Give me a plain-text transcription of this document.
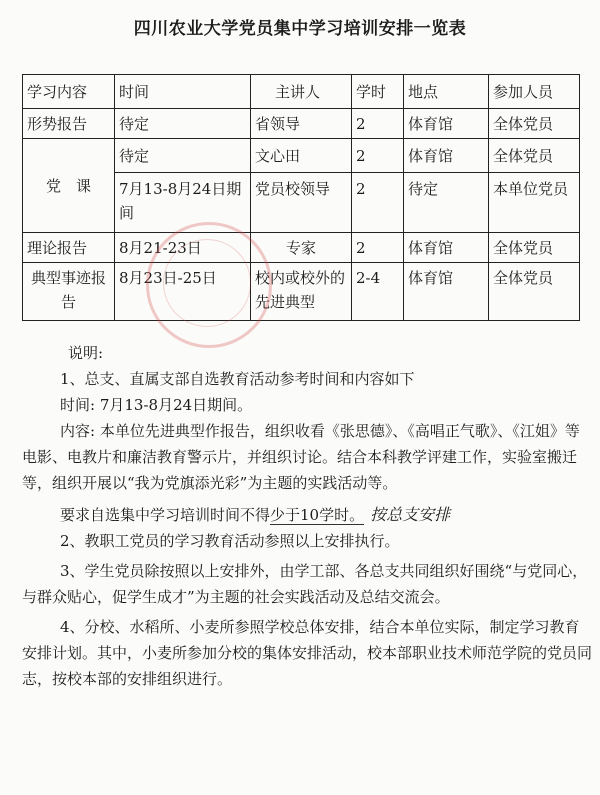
四川农业大学党员集中学习培训安排一览表
学习内容	时间	主讲人	学时	地点	参加人员
形势报告	待定	省领导	2	体育馆	全体党员
党　课	待定	文心田	2	体育馆	全体党员
	7月13-8月24日期间	党员校领导	2	待定	本单位党员
理论报告	8月21-23日	专家	2	体育馆	全体党员
典型事迹报告	8月23日-25日	校内或校外的先进典型	2-4	体育馆	全体党员

说明:

1、总支、直属支部自选教育活动参考时间和内容如下

时间: 7月13-8月24日期间。

内容: 本单位先进典型作报告，组织收看《张思德》、《高唱正气歌》、《江姐》等电影、电教片和廉洁教育警示片，并组织讨论。结合本科教学评建工作，实验室搬迁等，组织开展以“我为党旗添光彩”为主题的实践活动等。

要求自选集中学习培训时间不得少于10学时。 按总支安排

2、教职工党员的学习教育活动参照以上安排执行。

3、学生党员除按照以上安排外，由学工部、各总支共同组织好围绕“与党同心，与群众贴心，促学生成才”为主题的社会实践活动及总结交流会。

4、分校、水稻所、小麦所参照学校总体安排，结合本单位实际，制定学习教育安排计划。其中，小麦所参加分校的集体安排活动，校本部职业技术师范学院的党员同志，按校本部的安排组织进行。
